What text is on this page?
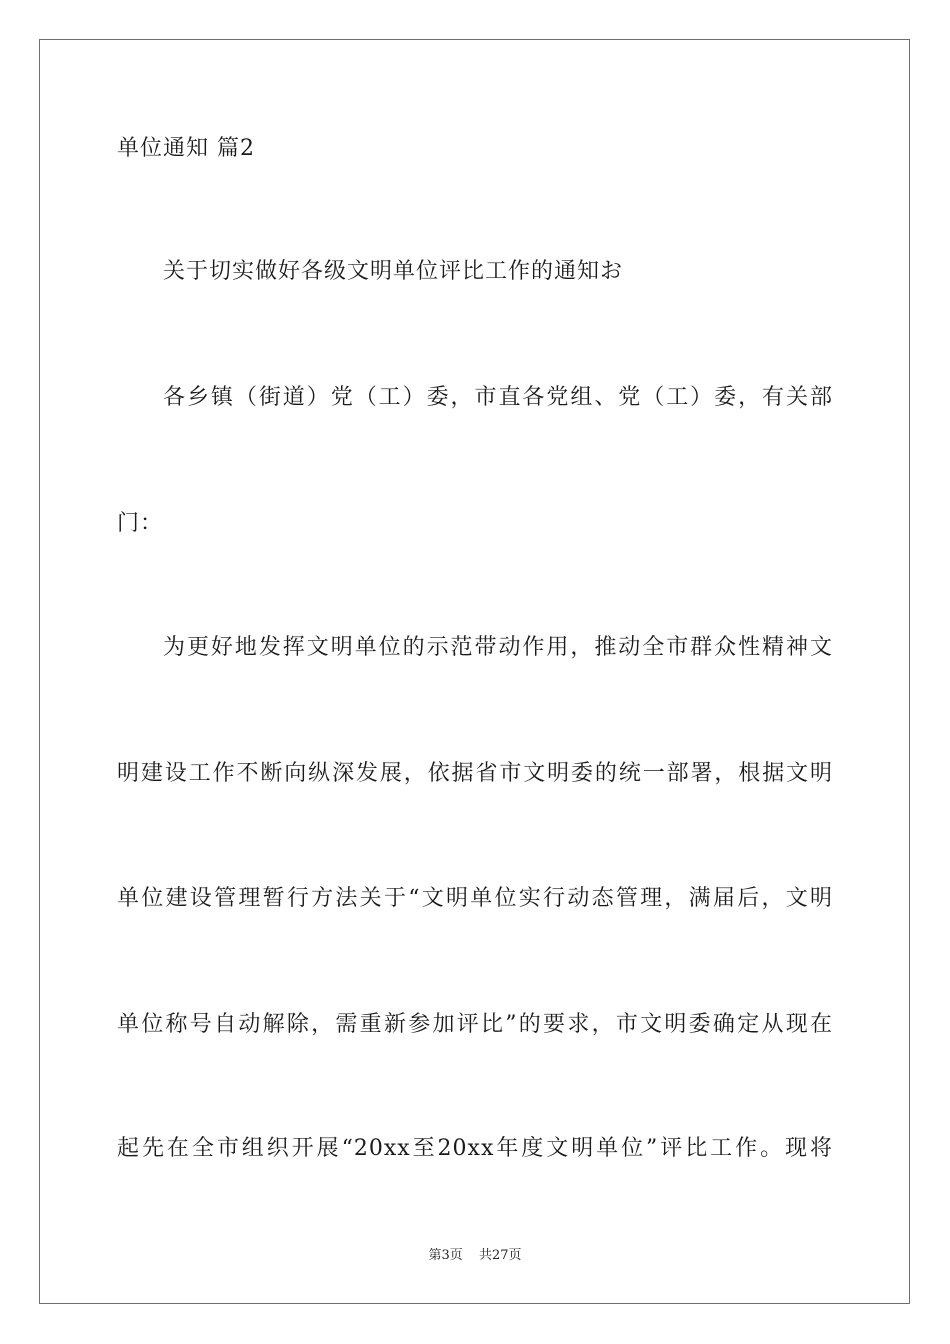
单位通知 篇2
关于切实做好各级文明单位评比工作的通知お
各乡镇（街道）党（工）委，市直各党组、党（工）委，有关部
门：
为更好地发挥文明单位的示范带动作用，推动全市群众性精神文
明建设工作不断向纵深发展，依据省市文明委的统一部署，根据文明
单位建设管理暂行方法关于“文明单位实行动态管理，满届后，文明
单位称号自动解除，需重新参加评比”的要求，市文明委确定从现在
起先在全市组织开展“20xx至20xx年度文明单位”评比工作。现将
第3页 共27页
